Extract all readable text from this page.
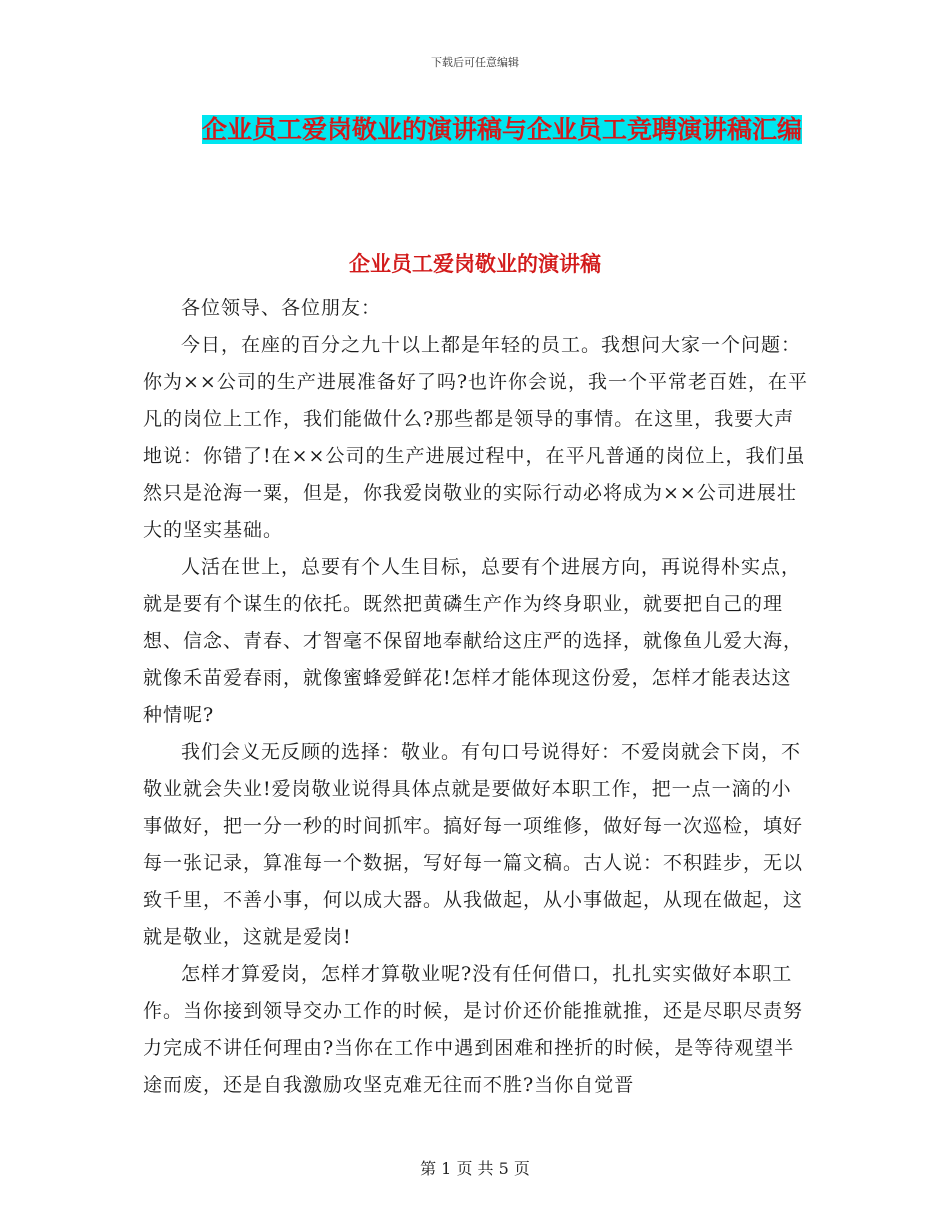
下载后可任意编辑
企业员工爱岗敬业的演讲稿与企业员工竞聘演讲稿汇编
企业员工爱岗敬业的演讲稿

各位领导、各位朋友：

今日，在座的百分之九十以上都是年轻的员工。我想问大家一个问题：你为××公司的生产进展准备好了吗?也许你会说，我一个平常老百姓，在平凡的岗位上工作，我们能做什么?那些都是领导的事情。在这里，我要大声地说：你错了!在××公司的生产进展过程中，在平凡普通的岗位上，我们虽然只是沧海一粟，但是，你我爱岗敬业的实际行动必将成为××公司进展壮大的坚实基础。

人活在世上，总要有个人生目标，总要有个进展方向，再说得朴实点，就是要有个谋生的依托。既然把黄磷生产作为终身职业，就要把自己的理想、信念、青春、才智毫不保留地奉献给这庄严的选择，就像鱼儿爱大海，就像禾苗爱春雨，就像蜜蜂爱鲜花!怎样才能体现这份爱，怎样才能表达这种情呢?

我们会义无反顾的选择：敬业。有句口号说得好：不爱岗就会下岗，不敬业就会失业!爱岗敬业说得具体点就是要做好本职工作，把一点一滴的小事做好，把一分一秒的时间抓牢。搞好每一项维修，做好每一次巡检，填好每一张记录，算准每一个数据，写好每一篇文稿。古人说：不积跬步，无以致千里，不善小事，何以成大器。从我做起，从小事做起，从现在做起，这就是敬业，这就是爱岗!

怎样才算爱岗，怎样才算敬业呢?没有任何借口，扎扎实实做好本职工作。当你接到领导交办工作的时候，是讨价还价能推就推，还是尽职尽责努力完成不讲任何理由?当你在工作中遇到困难和挫折的时候，是等待观望半途而废，还是自我激励攻坚克难无往而不胜?当你自觉晋

第 1 页 共 5 页
